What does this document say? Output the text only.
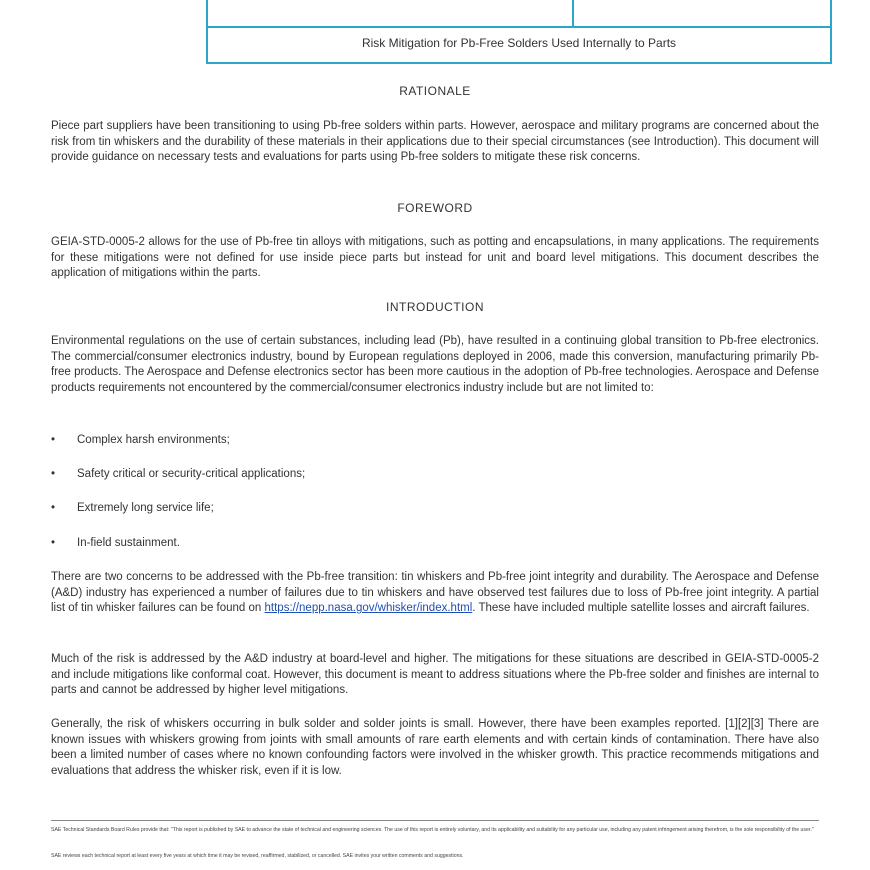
Risk Mitigation for Pb-Free Solders Used Internally to Parts
RATIONALE

Piece part suppliers have been transitioning to using Pb-free solders within parts. However, aerospace and military programs are concerned about the risk from tin whiskers and the durability of these materials in their applications due to their special circumstances (see Introduction). This document will provide guidance on necessary tests and evaluations for parts using Pb-free solders to mitigate these risk concerns.

FOREWORD

GEIA-STD-0005-2 allows for the use of Pb-free tin alloys with mitigations, such as potting and encapsulations, in many applications. The requirements for these mitigations were not defined for use inside piece parts but instead for unit and board level mitigations. This document describes the application of mitigations within the parts.

INTRODUCTION

Environmental regulations on the use of certain substances, including lead (Pb), have resulted in a continuing global transition to Pb-free electronics. The commercial/consumer electronics industry, bound by European regulations deployed in 2006, made this conversion, manufacturing primarily Pb-free products. The Aerospace and Defense electronics sector has been more cautious in the adoption of Pb-free technologies. Aerospace and Defense products requirements not encountered by the commercial/consumer electronics industry include but are not limited to:

•	Complex harsh environments;
•	Safety critical or security-critical applications;
•	Extremely long service life;
•	In-field sustainment.

There are two concerns to be addressed with the Pb-free transition: tin whiskers and Pb-free joint integrity and durability. The Aerospace and Defense (A&D) industry has experienced a number of failures due to tin whiskers and have observed test failures due to loss of Pb-free joint integrity. A partial list of tin whisker failures can be found on https://nepp.nasa.gov/whisker/index.html. These have included multiple satellite losses and aircraft failures.

Much of the risk is addressed by the A&D industry at board-level and higher. The mitigations for these situations are described in GEIA-STD-0005-2 and include mitigations like conformal coat. However, this document is meant to address situations where the Pb-free solder and finishes are internal to parts and cannot be addressed by higher level mitigations.

Generally, the risk of whiskers occurring in bulk solder and solder joints is small. However, there have been examples reported. [1][2][3] There are known issues with whiskers growing from joints with small amounts of rare earth elements and with certain kinds of contamination. There have also been a limited number of cases where no known confounding factors were involved in the whisker growth. This practice recommends mitigations and evaluations that address the whisker risk, even if it is low.

SAE Technical Standards Board Rules provide that: "This report is published by SAE to advance the state of technical and engineering sciences. The use of this report is entirely voluntary, and its applicability and suitability for any particular use, including any patent infringement arising therefrom, is the sole responsibility of the user."

SAE reviews each technical report at least every five years at which time it may be revised, reaffirmed, stabilized, or cancelled. SAE invites your written comments and suggestions.
